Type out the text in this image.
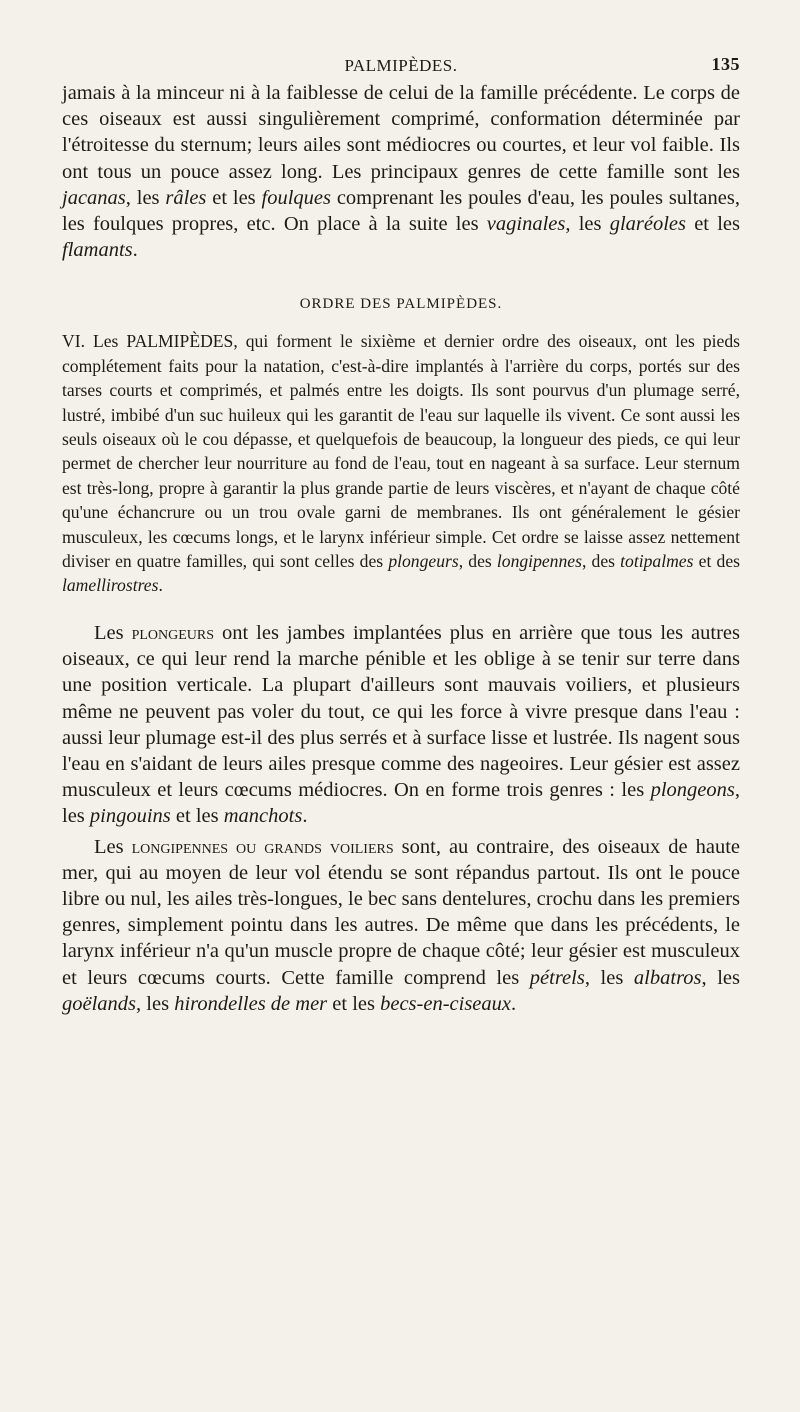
PALMIPÈDES.	135

jamais à la minceur ni à la faiblesse de celui de la famille précédente. Le corps de ces oiseaux est aussi singulièrement comprimé, conformation déterminée par l'étroitesse du sternum; leurs ailes sont médiocres ou courtes, et leur vol faible. Ils ont tous un pouce assez long. Les principaux genres de cette famille sont les jacanas, les râles et les foulques comprenant les poules d'eau, les poules sultanes, les foulques propres, etc. On place à la suite les vaginales, les glaréoles et les flamants.

ORDRE DES PALMIPÈDES.

VI. Les PALMIPÈDES, qui forment le sixième et dernier ordre des oiseaux, ont les pieds complétement faits pour la natation, c'est-à-dire implantés à l'arrière du corps, portés sur des tarses courts et comprimés, et palmés entre les doigts. Ils sont pourvus d'un plumage serré, lustré, imbibé d'un suc huileux qui les garantit de l'eau sur laquelle ils vivent. Ce sont aussi les seuls oiseaux où le cou dépasse, et quelquefois de beaucoup, la longueur des pieds, ce qui leur permet de chercher leur nourriture au fond de l'eau, tout en nageant à sa surface. Leur sternum est très-long, propre à garantir la plus grande partie de leurs viscères, et n'ayant de chaque côté qu'une échancrure ou un trou ovale garni de membranes. Ils ont généralement le gésier musculeux, les cœcums longs, et le larynx inférieur simple. Cet ordre se laisse assez nettement diviser en quatre familles, qui sont celles des plongeurs, des longipennes, des totipalmes et des lamellirostres.

Les plongeurs ont les jambes implantées plus en arrière que tous les autres oiseaux, ce qui leur rend la marche pénible et les oblige à se tenir sur terre dans une position verticale. La plupart d'ailleurs sont mauvais voiliers, et plusieurs même ne peuvent pas voler du tout, ce qui les force à vivre presque dans l'eau : aussi leur plumage est-il des plus serrés et à surface lisse et lustrée. Ils nagent sous l'eau en s'aidant de leurs ailes presque comme des nageoires. Leur gésier est assez musculeux et leurs cœcums médiocres. On en forme trois genres : les plongeons, les pingouins et les manchots.

Les longipennes ou grands voiliers sont, au contraire, des oiseaux de haute mer, qui au moyen de leur vol étendu se sont répandus partout. Ils ont le pouce libre ou nul, les ailes très-longues, le bec sans dentelures, crochu dans les premiers genres, simplement pointu dans les autres. De même que dans les précédents, le larynx inférieur n'a qu'un muscle propre de chaque côté; leur gésier est musculeux et leurs cœcums courts. Cette famille comprend les pétrels, les albatros, les goëlands, les hirondelles de mer et les becs-en-ciseaux.
